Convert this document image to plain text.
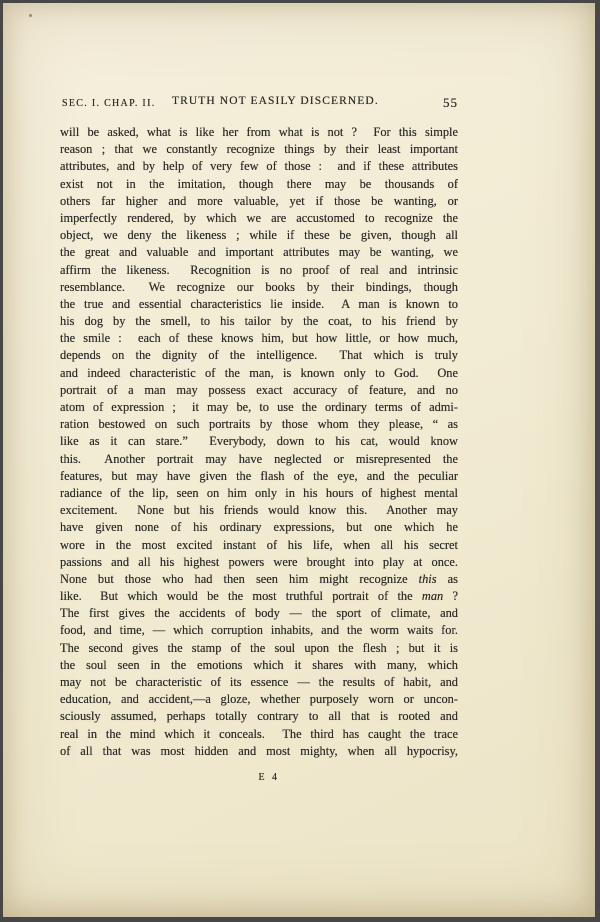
SEC. I. CHAP. II. TRUTH NOT EASILY DISCERNED.	55
will be asked, what is like her from what is not ?  For this simple
reason ; that we constantly recognize things by their least important
attributes, and by help of very few of those :  and if these attributes
exist not in the imitation, though there may be thousands of
others far higher and more valuable, yet if those be wanting, or
imperfectly rendered, by which we are accustomed to recognize the
object, we deny the likeness ; while if these be given, though all
the great and valuable and important attributes may be wanting, we
affirm the likeness.  Recognition is no proof of real and intrinsic
resemblance.  We recognize our books by their bindings, though
the true and essential characteristics lie inside.  A man is known to
his dog by the smell, to his tailor by the coat, to his friend by
the smile :  each of these knows him, but how little, or how much,
depends on the dignity of the intelligence.  That which is truly
and indeed characteristic of the man, is known only to God.  One
portrait of a man may possess exact accuracy of feature, and no
atom of expression ;  it may be, to use the ordinary terms of admi-
ration bestowed on such portraits by those whom they please, “ as
like as it can stare.”  Everybody, down to his cat, would know
this.  Another portrait may have neglected or misrepresented the
features, but may have given the flash of the eye, and the peculiar
radiance of the lip, seen on him only in his hours of highest mental
excitement.  None but his friends would know this.  Another may
have given none of his ordinary expressions, but one which he
wore in the most excited instant of his life, when all his secret
passions and all his highest powers were brought into play at once.
None but those who had then seen him might recognize this as
like.  But which would be the most truthful portrait of the man ?
The first gives the accidents of body — the sport of climate, and
food, and time, — which corruption inhabits, and the worm waits for.
The second gives the stamp of the soul upon the flesh ; but it is
the soul seen in the emotions which it shares with many, which
may not be characteristic of its essence — the results of habit, and
education, and accident,—a gloze, whether purposely worn or uncon-
sciously assumed, perhaps totally contrary to all that is rooted and
real in the mind which it conceals.  The third has caught the trace
of all that was most hidden and most mighty, when all hypocrisy,
E 4
